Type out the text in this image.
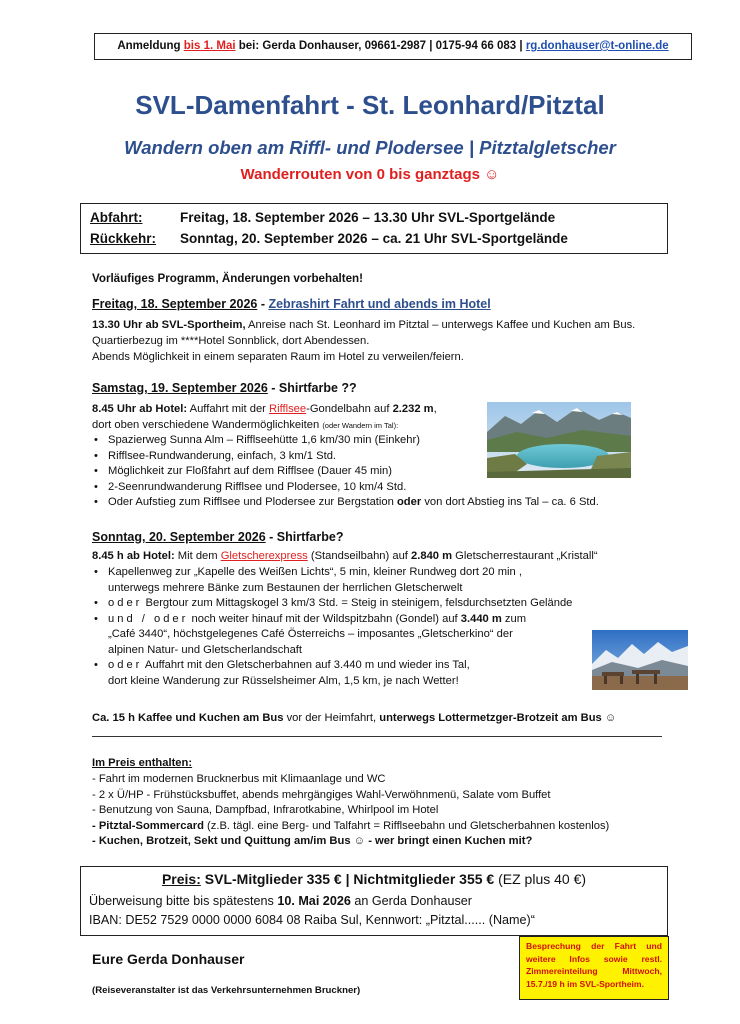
Anmeldung bis 1. Mai bei: Gerda Donhauser, 09661-2987 | 0175-94 66 083 | rg.donhauser@t-online.de
SVL-Damenfahrt - St. Leonhard/Pitztal
Wandern oben am Riffl- und Plodersee | Pitztalgletscher
Wanderrouten von 0 bis ganztags ☺
Abfahrt:	Freitag, 18. September 2026 – 13.30 Uhr SVL-Sportgelände
Rückkehr: Sonntag, 20. September 2026 – ca. 21 Uhr SVL-Sportgelände
Vorläufiges Programm, Änderungen vorbehalten!
Freitag, 18. September 2026 - Zebrashirt Fahrt und abends im Hotel
13.30 Uhr ab SVL-Sportheim, Anreise nach St. Leonhard im Pitztal – unterwegs Kaffee und Kuchen am Bus.
Quartierbezug im ****Hotel Sonnblick, dort Abendessen.
Abends Möglichkeit in einem separaten Raum im Hotel zu verweilen/feiern.
Samstag, 19. September 2026 - Shirtfarbe ??
8.45 Uhr ab Hotel: Auffahrt mit der Rifflsee-Gondelbahn auf 2.232 m,
dort oben verschiedene Wandermöglichkeiten (oder Wandern im Tal):
• Spazierweg Sunna Alm – Rifflseehütte 1,6 km/30 min (Einkehr)
• Rifflsee-Rundwanderung, einfach, 3 km/1 Std.
• Möglichkeit zur Floßfahrt auf dem Rifflsee (Dauer 45 min)
• 2-Seenrundwanderung Rifflsee und Plodersee, 10 km/4 Std.
• Oder Aufstieg zum Rifflsee und Plodersee zur Bergstation oder von dort Abstieg ins Tal – ca. 6 Std.
Sonntag, 20. September 2026 - Shirtfarbe?
8.45 h ab Hotel: Mit dem Gletscherexpress (Standseilbahn) auf 2.840 m Gletscherrestaurant „Kristall“
• Kapellenweg zur „Kapelle des Weißen Lichts“, 5 min, kleiner Rundweg dort 20 min ,
unterwegs mehrere Bänke zum Bestaunen der herrlichen Gletscherwelt
• oder Bergtour zum Mittagskogel 3 km/3 Std. = Steig in steinigem, felsdurchsetzten Gelände
• und / oder noch weiter hinauf mit der Wildspitzbahn (Gondel) auf 3.440 m zum
„Café 3440“, höchstgelegenes Café Österreichs – imposantes „Gletscherkino“ der
alpinen Natur- und Gletscherlandschaft
• oder Auffahrt mit den Gletscherbahnen auf 3.440 m und wieder ins Tal,
dort kleine Wanderung zur Rüsselsheimer Alm, 1,5 km, je nach Wetter!
Ca. 15 h Kaffee und Kuchen am Bus vor der Heimfahrt, unterwegs Lottermetzger-Brotzeit am Bus ☺
Im Preis enthalten:
- Fahrt im modernen Brucknerbus mit Klimaanlage und WC
- 2 x Ü/HP - Frühstücksbuffet, abends mehrgängiges Wahl-Verwöhnmenü, Salate vom Buffet
- Benutzung von Sauna, Dampfbad, Infrarotkabine, Whirlpool im Hotel
- Pitztal-Sommercard (z.B. tägl. eine Berg- und Talfahrt = Rifflseebahn und Gletscherbahnen kostenlos)
- Kuchen, Brotzeit, Sekt und Quittung am/im Bus ☺ - wer bringt einen Kuchen mit?
Preis: SVL-Mitglieder 335 € | Nichtmitglieder 355 € (EZ plus 40 €)
Überweisung bitte bis spätestens 10. Mai 2026 an Gerda Donhauser
IBAN: DE52 7529 0000 0000 6084 08 Raiba Sul, Kennwort: „Pitztal...... (Name)“
Eure Gerda Donhauser
(Reiseveranstalter ist das Verkehrsunternehmen Bruckner)
Besprechung der Fahrt und weitere Infos sowie restl. Zimmereinteilung Mittwoch, 15.7./19 h im SVL-Sportheim.
